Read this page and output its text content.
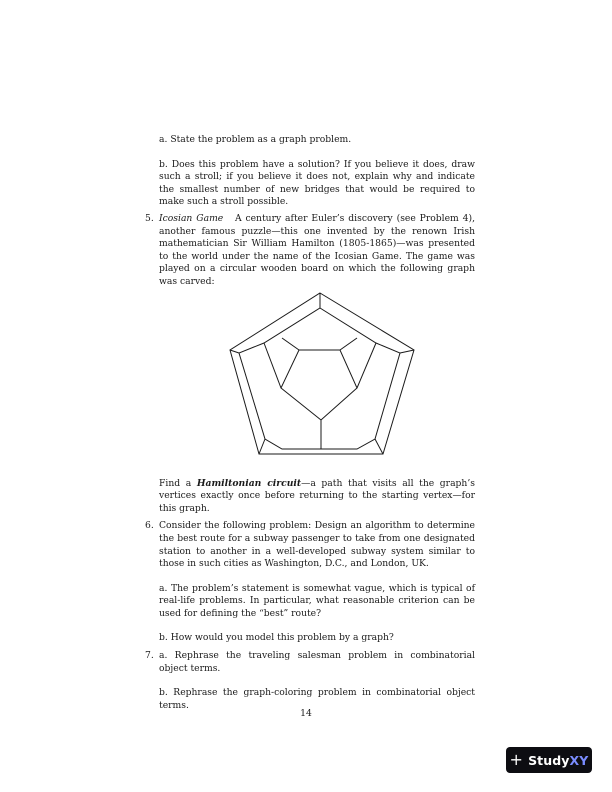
a. State the problem as a graph problem.

b. Does this problem have a solution? If you believe it does, draw such a stroll; if you believe it does not, explain why and indicate the smallest number of new bridges that would be required to make such a stroll possible.

5. Icosian Game A century after Euler’s discovery (see Problem 4), another famous puzzle—this one invented by the renown Irish mathematician Sir William Hamilton (1805-1865)—was presented to the world under the name of the Icosian Game. The game was played on a circular wooden board on which the following graph was carved:

Find a Hamiltonian circuit—a path that visits all the graph’s vertices exactly once before returning to the starting vertex—for this graph.

6. Consider the following problem: Design an algorithm to determine the best route for a subway passenger to take from one designated station to another in a well-developed subway system similar to those in such cities as Washington, D.C., and London, UK.

a. The problem’s statement is somewhat vague, which is typical of real-life problems. In particular, what reasonable criterion can be used for defining the “best” route?

b. How would you model this problem by a graph?

7. a. Rephrase the traveling salesman problem in combinatorial object terms.

b. Rephrase the graph-coloring problem in combinatorial object terms.

14
+ Study XY
